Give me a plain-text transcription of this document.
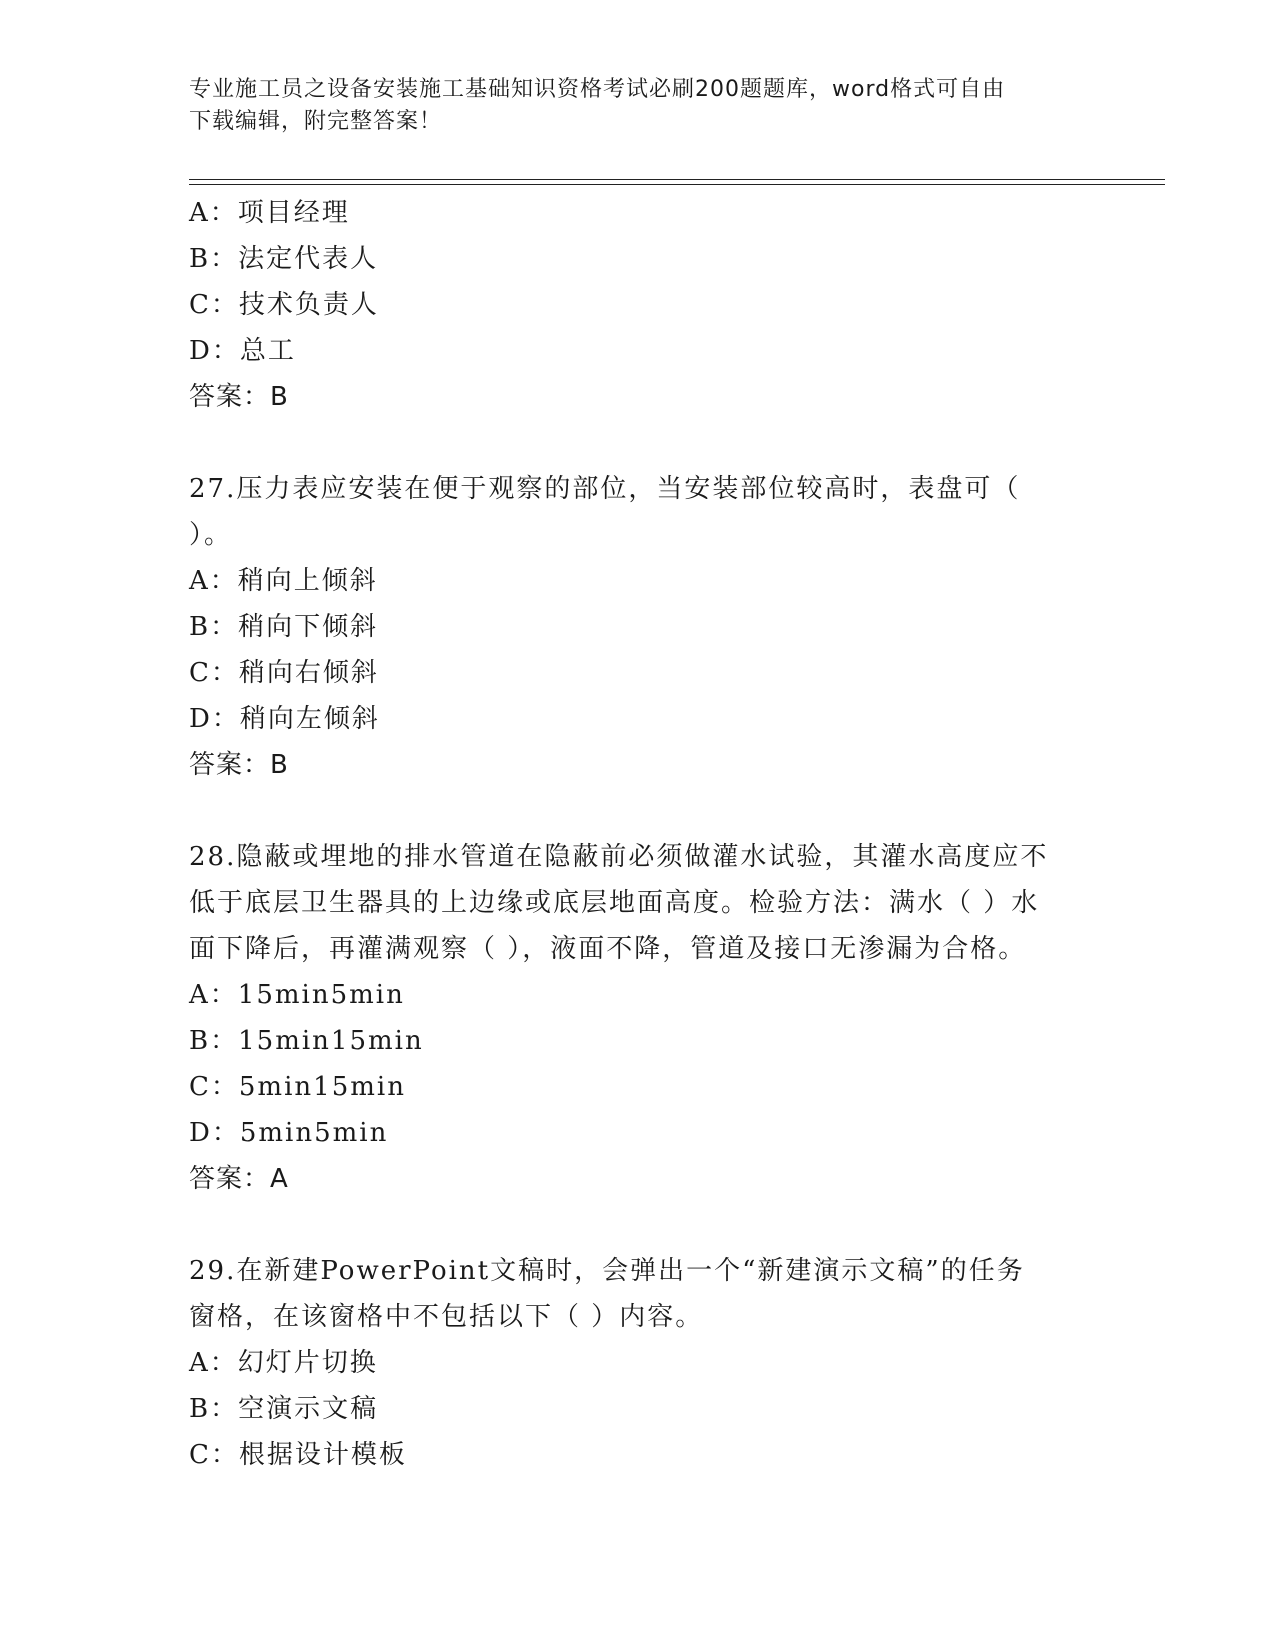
专业施工员之设备安装施工基础知识资格考试必刷200题题库，word格式可自由
下载编辑，附完整答案！
A：项目经理
B：法定代表人
C：技术负责人
D：总工
答案：B
27.压力表应安装在便于观察的部位，当安装部位较高时，表盘可（
）。
A：稍向上倾斜
B：稍向下倾斜
C：稍向右倾斜
D：稍向左倾斜
答案：B
28.隐蔽或埋地的排水管道在隐蔽前必须做灌水试验，其灌水高度应不
低于底层卫生器具的上边缘或底层地面高度。检验方法：满水（ ）水
面下降后，再灌满观察（ ），液面不降，管道及接口无渗漏为合格。
A：15min5min
B：15min15min
C：5min15min
D：5min5min
答案：A
29.在新建PowerPoint文稿时，会弹出一个“新建演示文稿”的任务
窗格，在该窗格中不包括以下（ ）内容。
A：幻灯片切换
B：空演示文稿
C：根据设计模板
